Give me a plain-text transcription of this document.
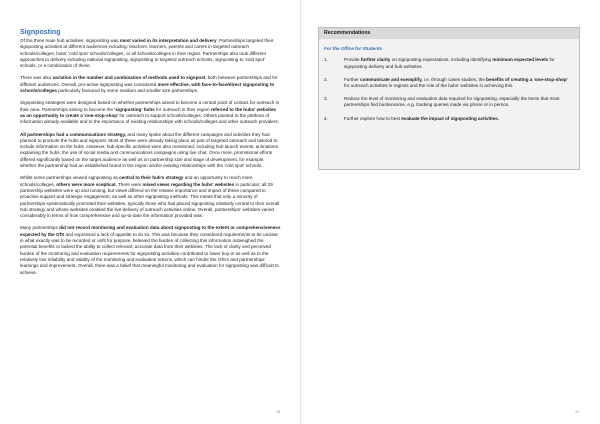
Signposting

Of the three main hub activities, signposting was most varied in its interpretation and delivery. Partnerships targeted their signposting activities at different audiences including: teachers, learners, parents and carers in targeted outreach schools/colleges; hubs' 'cold spot' schools/colleges, or all schools/colleges in their region. Partnerships also took different approaches to delivery including national signposting, signposting to targeted outreach schools, signposting to 'cold spot' schools, or a combination of these.

There was also variation in the number and combination of methods used to signpost, both between partnerships and for different audiences. Overall, pro-active signposting was considered more effective, with face-to-face/direct signposting to schools/colleges particularly favoured by some medium and smaller size partnerships.

Signposting strategies were designed based on whether partnerships aimed to become a central point of contact for outreach in their area. Partnerships aiming to become the 'signposting' hubs for outreach in their region referred to the hubs' websites as an opportunity to create a 'one-stop-shop' for outreach to support schools/colleges. Others pointed to the plethora of information already available and to the importance of existing relationships with schools/colleges and other outreach providers.

All partnerships had a communications strategy, and many spoke about the different campaigns and activities they had planned to promote the hubs and signpost. Most of these were already taking place as part of targeted outreach and tailored to include information on the hubs. However, hub-specific activities were also mentioned, including hub launch events, animations explaining the hubs, the use of social media and communications campaigns using live chat. Once more, promotional efforts differed significantly based on the target audience as well as on partnership size and stage of development, for example, whether the partnership had an established brand in the region and/or existing relationships with the 'cold spot' schools.

Whilst some partnerships viewed signposting as central to their hub's strategy and an opportunity to reach more schools/colleges, others were more sceptical. There were mixed views regarding the hubs' websites in particular; all 29 partnership websites were up and running, but views differed on the relative importance and impact of these compared to proactive support and strategic engagement, as well as other signposting methods. This meant that only a minority of partnerships systematically promoted their websites, typically those who had placed signposting relatively central to their overall hub strategy and whose websites enabled the live delivery of outreach activities online. Overall, partnerships' websites varied considerably in terms of how comprehensive and up-to-date the information provided was.

Many partnerships did not record monitoring and evaluation data about signposting to the extent or comprehensiveness expected by the OfS and expressed a lack of appetite to do so. This was because they considered requirements to be unclear in what exactly was to be recorded or unfit for purpose, believed the burden of collecting this information outweighed the potential benefits or lacked the ability to collect relevant, accurate data from their websites. The lack of clarity and perceived burden of the monitoring and evaluation requirements for signposting activities contributed to lower buy-in as well as to the relatively low reliability and validity of the monitoring and evaluation returns, which can hinder the OfS's and partnerships' learnings and improvement. Overall, there was a belief that meaningful monitoring and evaluation for signposting was difficult to achieve.

16
Recommendations
For the Office for Students
1.	Provide further clarity on signposting expectations, including identifying minimum expected levels for signposting delivery and hub websites.
2.	Further communicate and exemplify, i.e. through cases studies, the benefits of creating a 'one-stop-shop' for outreach activities in regions and the role of the hubs' websites in achieving this.
3.	Reduce the level of monitoring and evaluation data required for signposting, especially the items that most partnerships find burdensome, e.g. tracking queries made via phone or in person.
4.	Further explore how to best evaluate the impact of signposting activities.
17
